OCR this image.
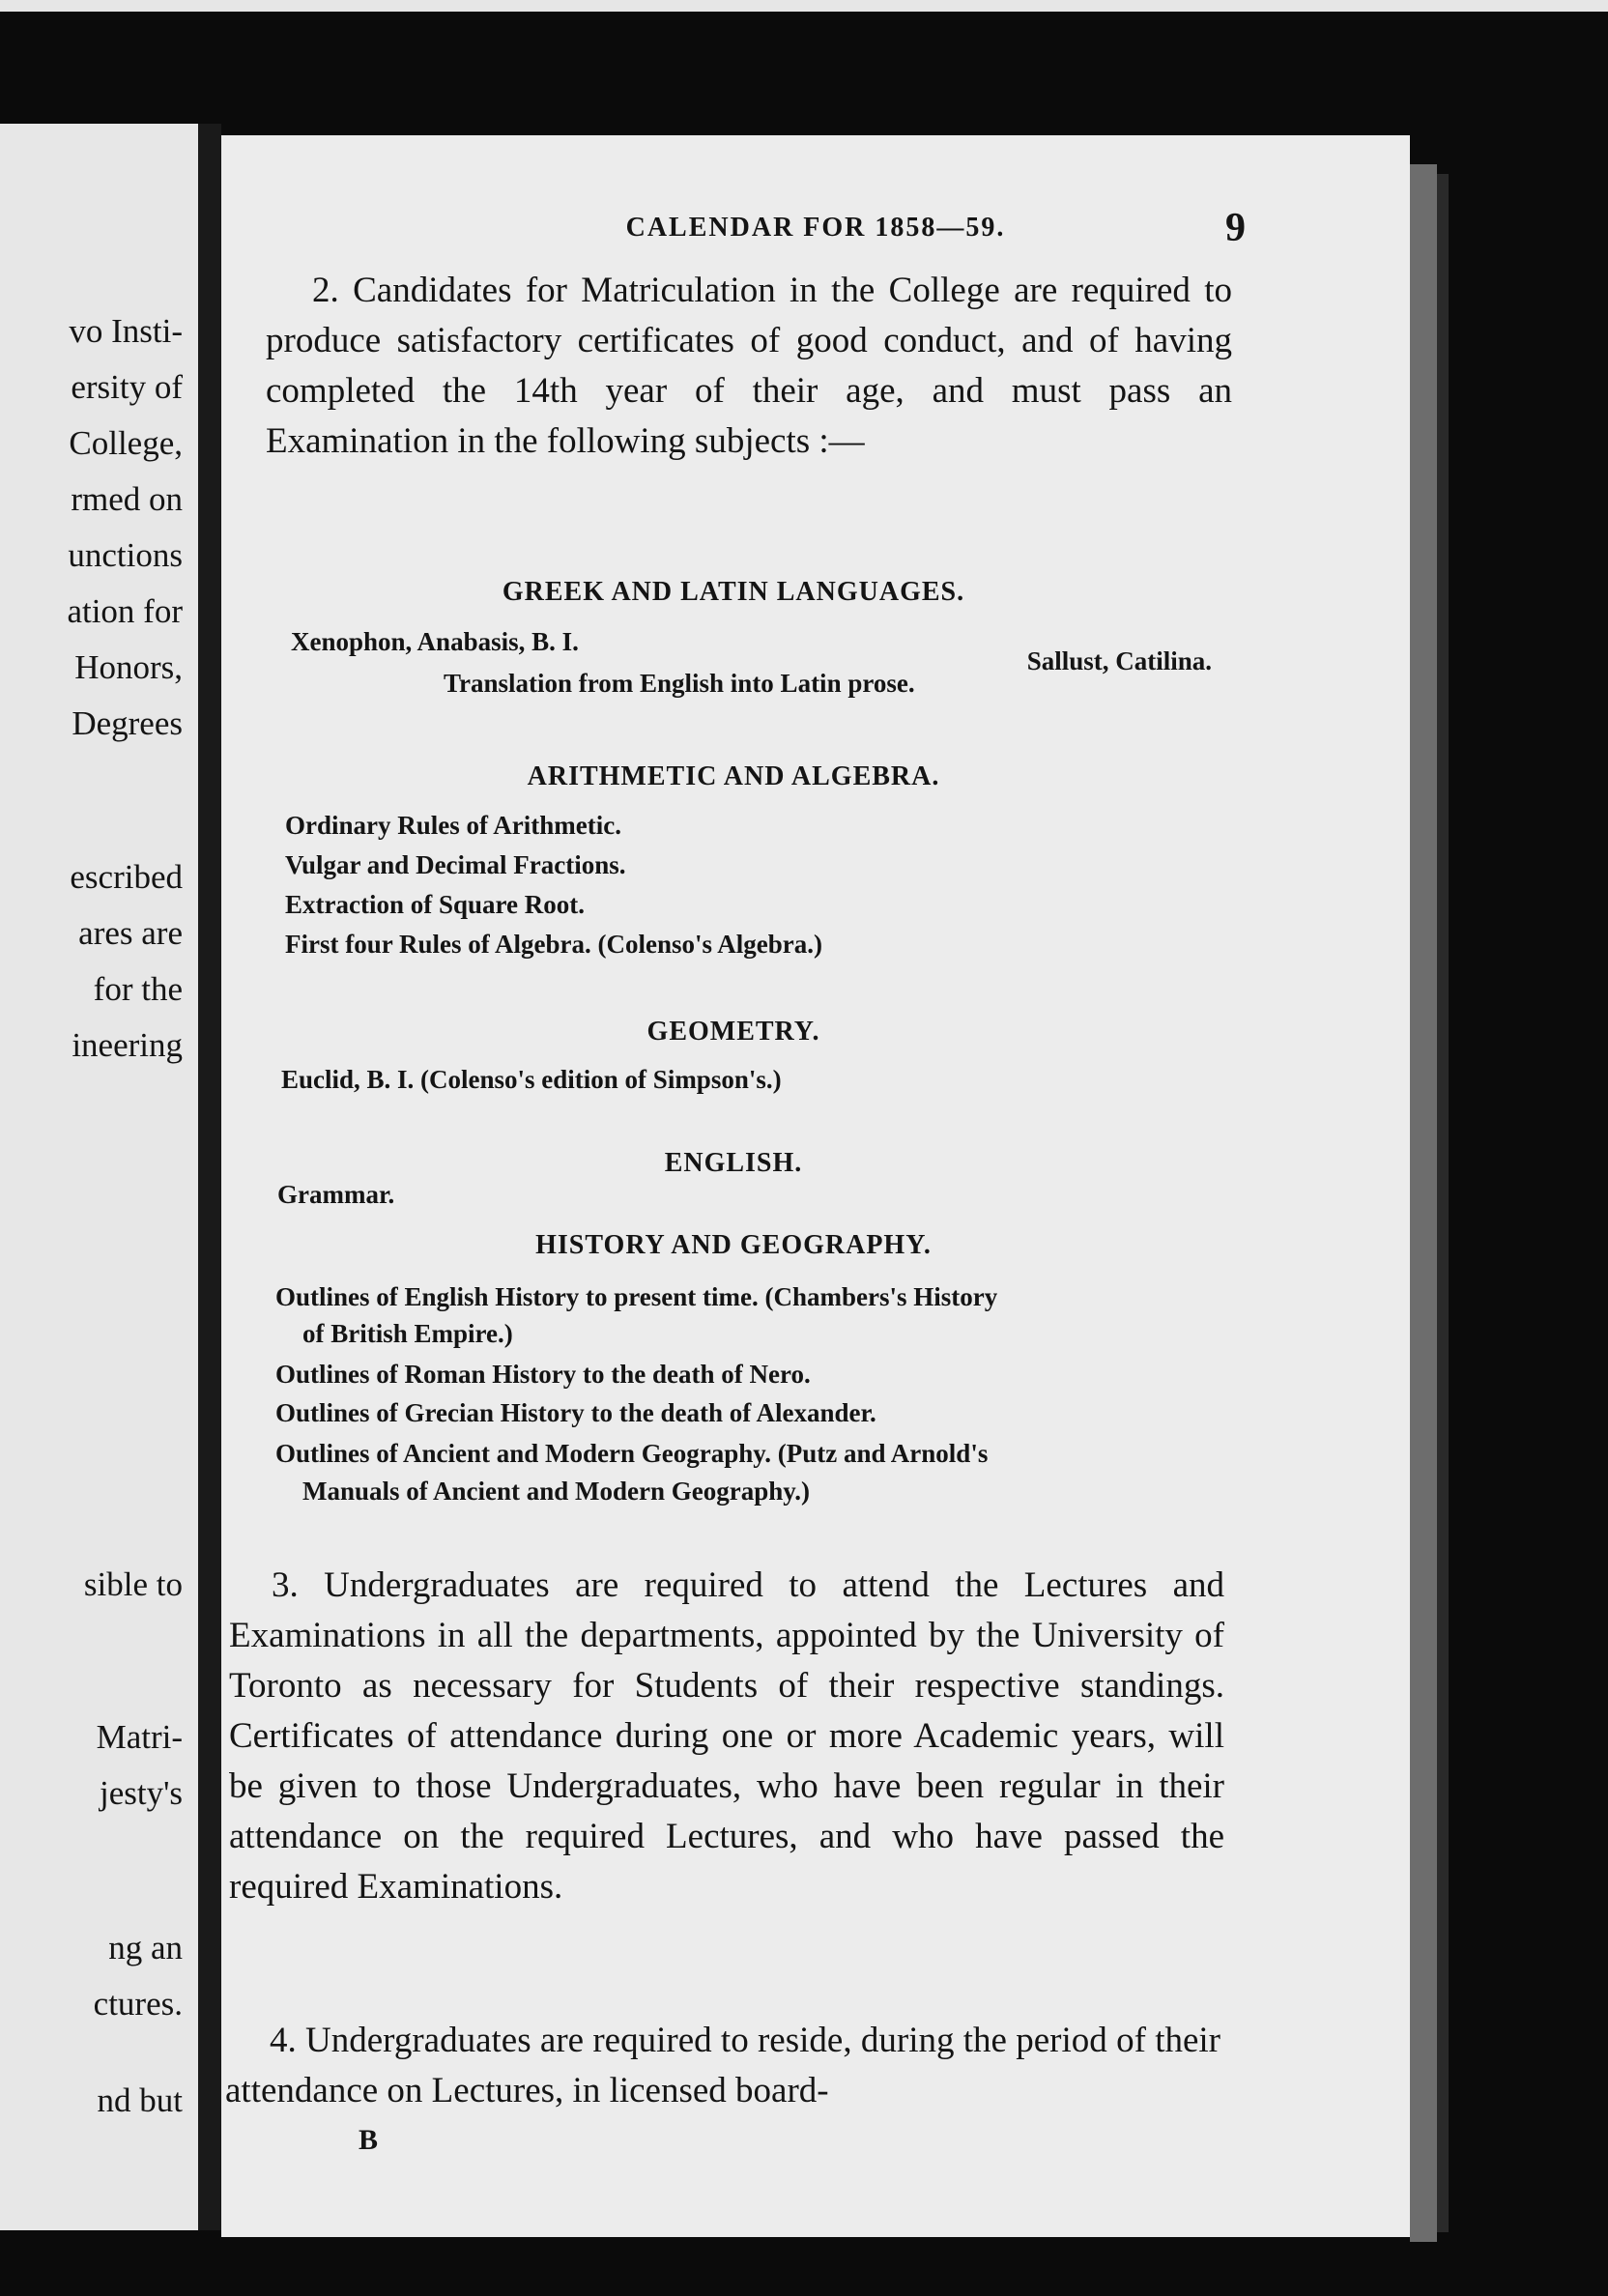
vo Insti-
ersity of
College,
rmed on
unctions
ation for
Honors,
Degrees
escribed
ares are
for the
ineering
sible to
Matri-
jesty's
ng an
ctures.
nd but
CALENDAR FOR 1858—59.	9
2. Candidates for Matriculation in the College are required to produce satisfactory certificates of good conduct, and of having completed the 14th year of their age, and must pass an Examination in the following subjects :—
GREEK AND LATIN LANGUAGES.
Xenophon, Anabasis, B. I.
Sallust, Catilina.
Translation from English into Latin prose.
ARITHMETIC AND ALGEBRA.
Ordinary Rules of Arithmetic.
Vulgar and Decimal Fractions.
Extraction of Square Root.
First four Rules of Algebra. (Colenso's Algebra.)
GEOMETRY.
Euclid, B. I. (Colenso's edition of Simpson's.)
ENGLISH.
Grammar.
HISTORY AND GEOGRAPHY.
Outlines of English History to present time. (Chambers's History
of British Empire.)
Outlines of Roman History to the death of Nero.
Outlines of Grecian History to the death of Alexander.
Outlines of Ancient and Modern Geography. (Putz and Arnold's
Manuals of Ancient and Modern Geography.)
3. Undergraduates are required to attend the Lectures and Examinations in all the departments, appointed by the University of Toronto as necessary for Students of their respective standings. Certificates of attendance during one or more Academic years, will be given to those Undergraduates, who have been regular in their attendance on the required Lectures, and who have passed the required Examinations.
4. Undergraduates are required to reside, during the period of their attendance on Lectures, in licensed board-
B
